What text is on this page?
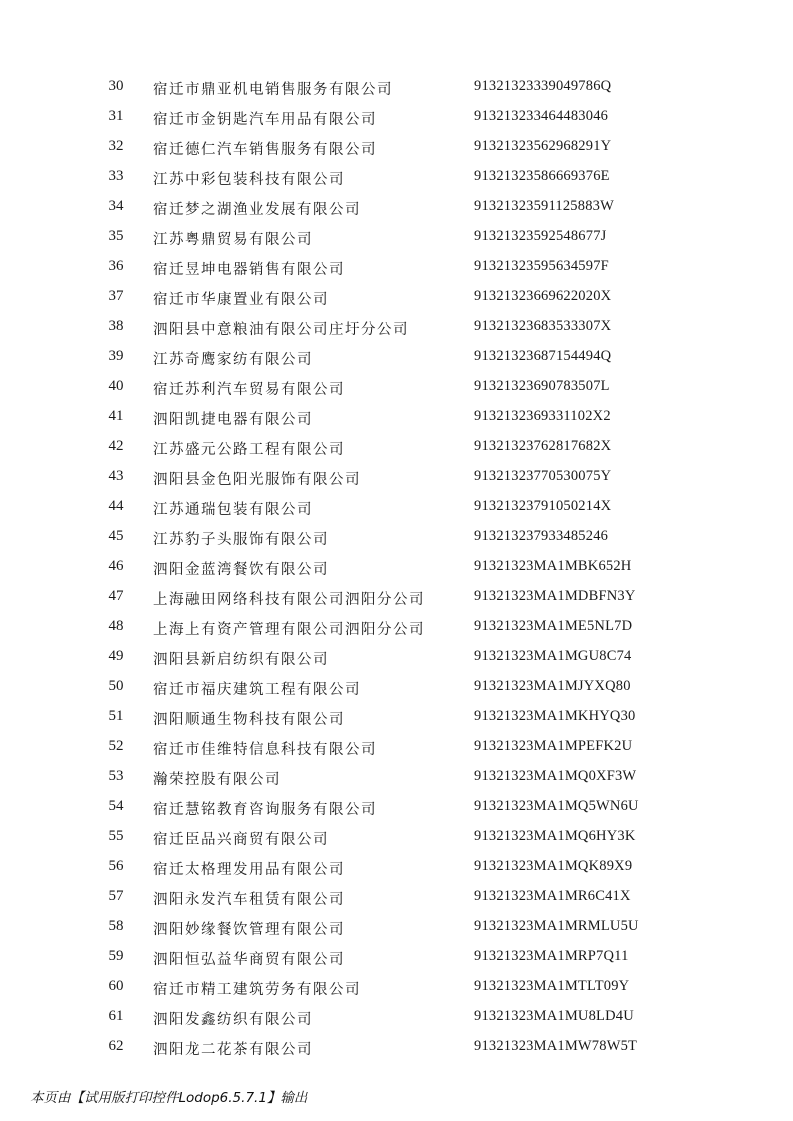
30	宿迁市鼎亚机电销售服务有限公司	91321323339049786Q
31	宿迁市金钥匙汽车用品有限公司	913213233464483046
32	宿迁德仁汽车销售服务有限公司	91321323562968291Y
33	江苏中彩包装科技有限公司	91321323586669376E
34	宿迁梦之湖渔业发展有限公司	91321323591125883W
35	江苏粤鼎贸易有限公司	91321323592548677J
36	宿迁昱坤电器销售有限公司	91321323595634597F
37	宿迁市华康置业有限公司	91321323669622020X
38	泗阳县中意粮油有限公司庄圩分公司	91321323683533307X
39	江苏奇鹰家纺有限公司	91321323687154494Q
40	宿迁苏利汽车贸易有限公司	91321323690783507L
41	泗阳凯捷电器有限公司	9132132369331102X2
42	江苏盛元公路工程有限公司	91321323762817682X
43	泗阳县金色阳光服饰有限公司	91321323770530075Y
44	江苏通瑞包装有限公司	91321323791050214X
45	江苏豹子头服饰有限公司	913213237933485246
46	泗阳金蓝湾餐饮有限公司	91321323MA1MBK652H
47	上海融田网络科技有限公司泗阳分公司	91321323MA1MDBFN3Y
48	上海上有资产管理有限公司泗阳分公司	91321323MA1ME5NL7D
49	泗阳县新启纺织有限公司	91321323MA1MGU8C74
50	宿迁市福庆建筑工程有限公司	91321323MA1MJYXQ80
51	泗阳顺通生物科技有限公司	91321323MA1MKHYQ30
52	宿迁市佳维特信息科技有限公司	91321323MA1MPEFK2U
53	瀚荣控股有限公司	91321323MA1MQ0XF3W
54	宿迁慧铭教育咨询服务有限公司	91321323MA1MQ5WN6U
55	宿迁臣品兴商贸有限公司	91321323MA1MQ6HY3K
56	宿迁太格理发用品有限公司	91321323MA1MQK89X9
57	泗阳永发汽车租赁有限公司	91321323MA1MR6C41X
58	泗阳妙缘餐饮管理有限公司	91321323MA1MRMLU5U
59	泗阳恒弘益华商贸有限公司	91321323MA1MRP7Q11
60	宿迁市精工建筑劳务有限公司	91321323MA1MTLT09Y
61	泗阳发鑫纺织有限公司	91321323MA1MU8LD4U
62	泗阳龙二花茶有限公司	91321323MA1MW78W5T
本页由【试用版打印控件Lodop6.5.7.1】输出
